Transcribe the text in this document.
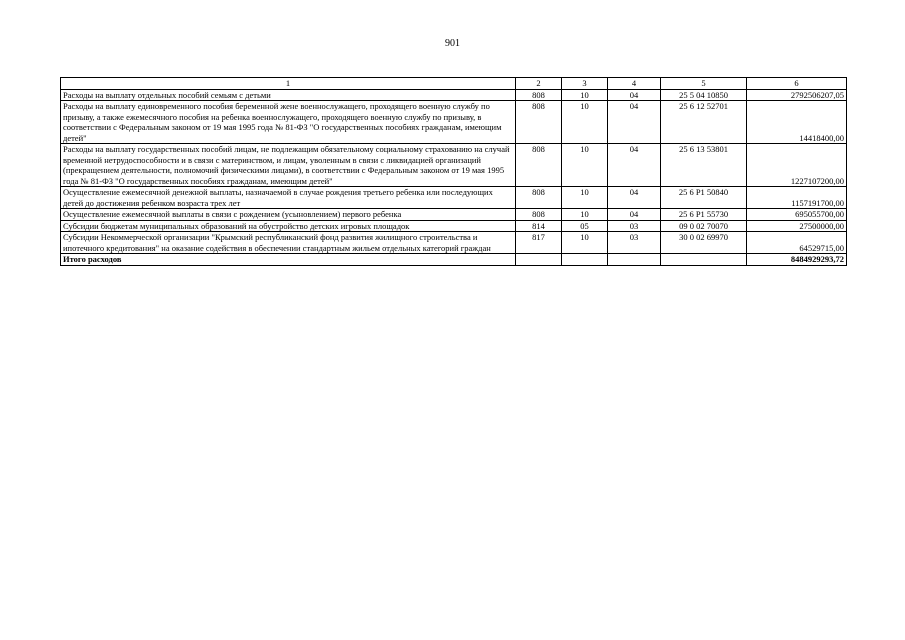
901
1	2	3	4	5	6
Расходы на выплату отдельных пособий семьям с детьми	808	10	04	25 5 04 10850	2792506207,05
Расходы на выплату единовременного пособия беременной жене военнослужащего, проходящего военную службу по призыву, а также ежемесячного пособия на ребенка военнослужащего, проходящего военную службу по призыву, в соответствии с Федеральным законом от 19 мая 1995 года № 81-ФЗ "О государственных пособиях гражданам, имеющим детей"	808	10	04	25 6 12 52701	14418400,00
Расходы на выплату государственных пособий лицам, не подлежащим обязательному социальному страхованию на случай временной нетрудоспособности и в связи с материнством, и лицам, уволенным в связи с ликвидацией организаций (прекращением деятельности, полномочий физическими лицами), в соответствии с Федеральным законом от 19 мая 1995 года № 81-ФЗ "О государственных пособиях гражданам, имеющим детей"	808	10	04	25 6 13 53801	1227107200,00
Осуществление ежемесячной денежной выплаты, назначаемой в случае рождения третьего ребенка или последующих детей до достижения ребенком возраста трех лет	808	10	04	25 6 P1 50840	1157191700,00
Осуществление ежемесячной выплаты в связи с рождением (усыновлением) первого ребенка	808	10	04	25 6 P1 55730	695055700,00
Субсидии бюджетам муниципальных образований на обустройство детских игровых площадок	814	05	03	09 0 02 70070	27500000,00
Субсидии Некоммерческой организации "Крымский республиканский фонд развития жилищного строительства и ипотечного кредитования" на оказание содействия в обеспечении стандартным жильем отдельных категорий граждан	817	10	03	30 0 02 69970	64529715,00
Итого расходов					8484929293,72
